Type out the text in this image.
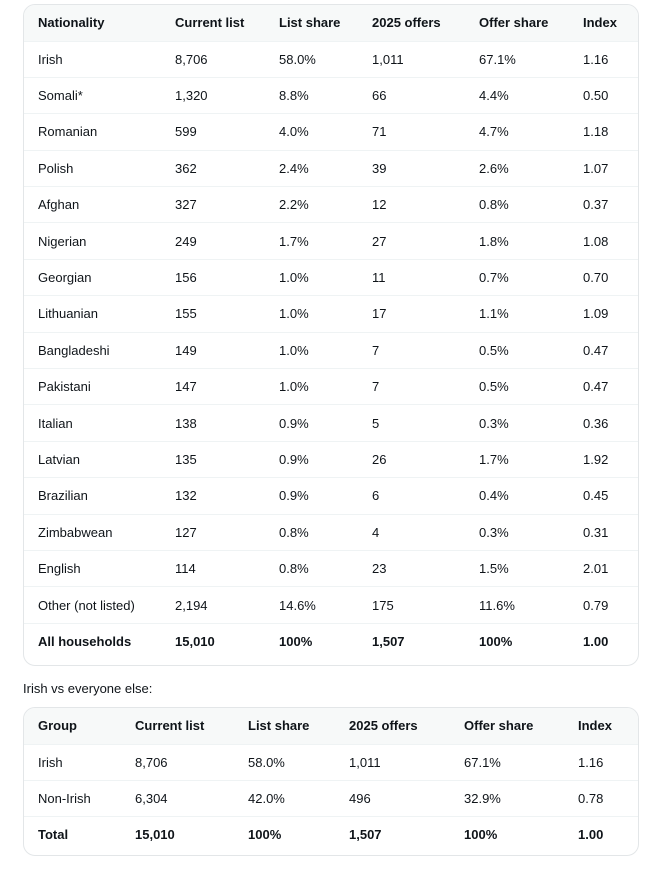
Nationality	Current list	List share	2025 offers	Offer share	Index
Irish	8,706	58.0%	1,011	67.1%	1.16
Somali*	1,320	8.8%	66	4.4%	0.50
Romanian	599	4.0%	71	4.7%	1.18
Polish	362	2.4%	39	2.6%	1.07
Afghan	327	2.2%	12	0.8%	0.37
Nigerian	249	1.7%	27	1.8%	1.08
Georgian	156	1.0%	11	0.7%	0.70
Lithuanian	155	1.0%	17	1.1%	1.09
Bangladeshi	149	1.0%	7	0.5%	0.47
Pakistani	147	1.0%	7	0.5%	0.47
Italian	138	0.9%	5	0.3%	0.36
Latvian	135	0.9%	26	1.7%	1.92
Brazilian	132	0.9%	6	0.4%	0.45
Zimbabwean	127	0.8%	4	0.3%	0.31
English	114	0.8%	23	1.5%	2.01
Other (not listed)	2,194	14.6%	175	11.6%	0.79
All households	15,010	100%	1,507	100%	1.00
Irish vs everyone else:
Group	Current list	List share	2025 offers	Offer share	Index
Irish	8,706	58.0%	1,011	67.1%	1.16
Non-Irish	6,304	42.0%	496	32.9%	0.78
Total	15,010	100%	1,507	100%	1.00
